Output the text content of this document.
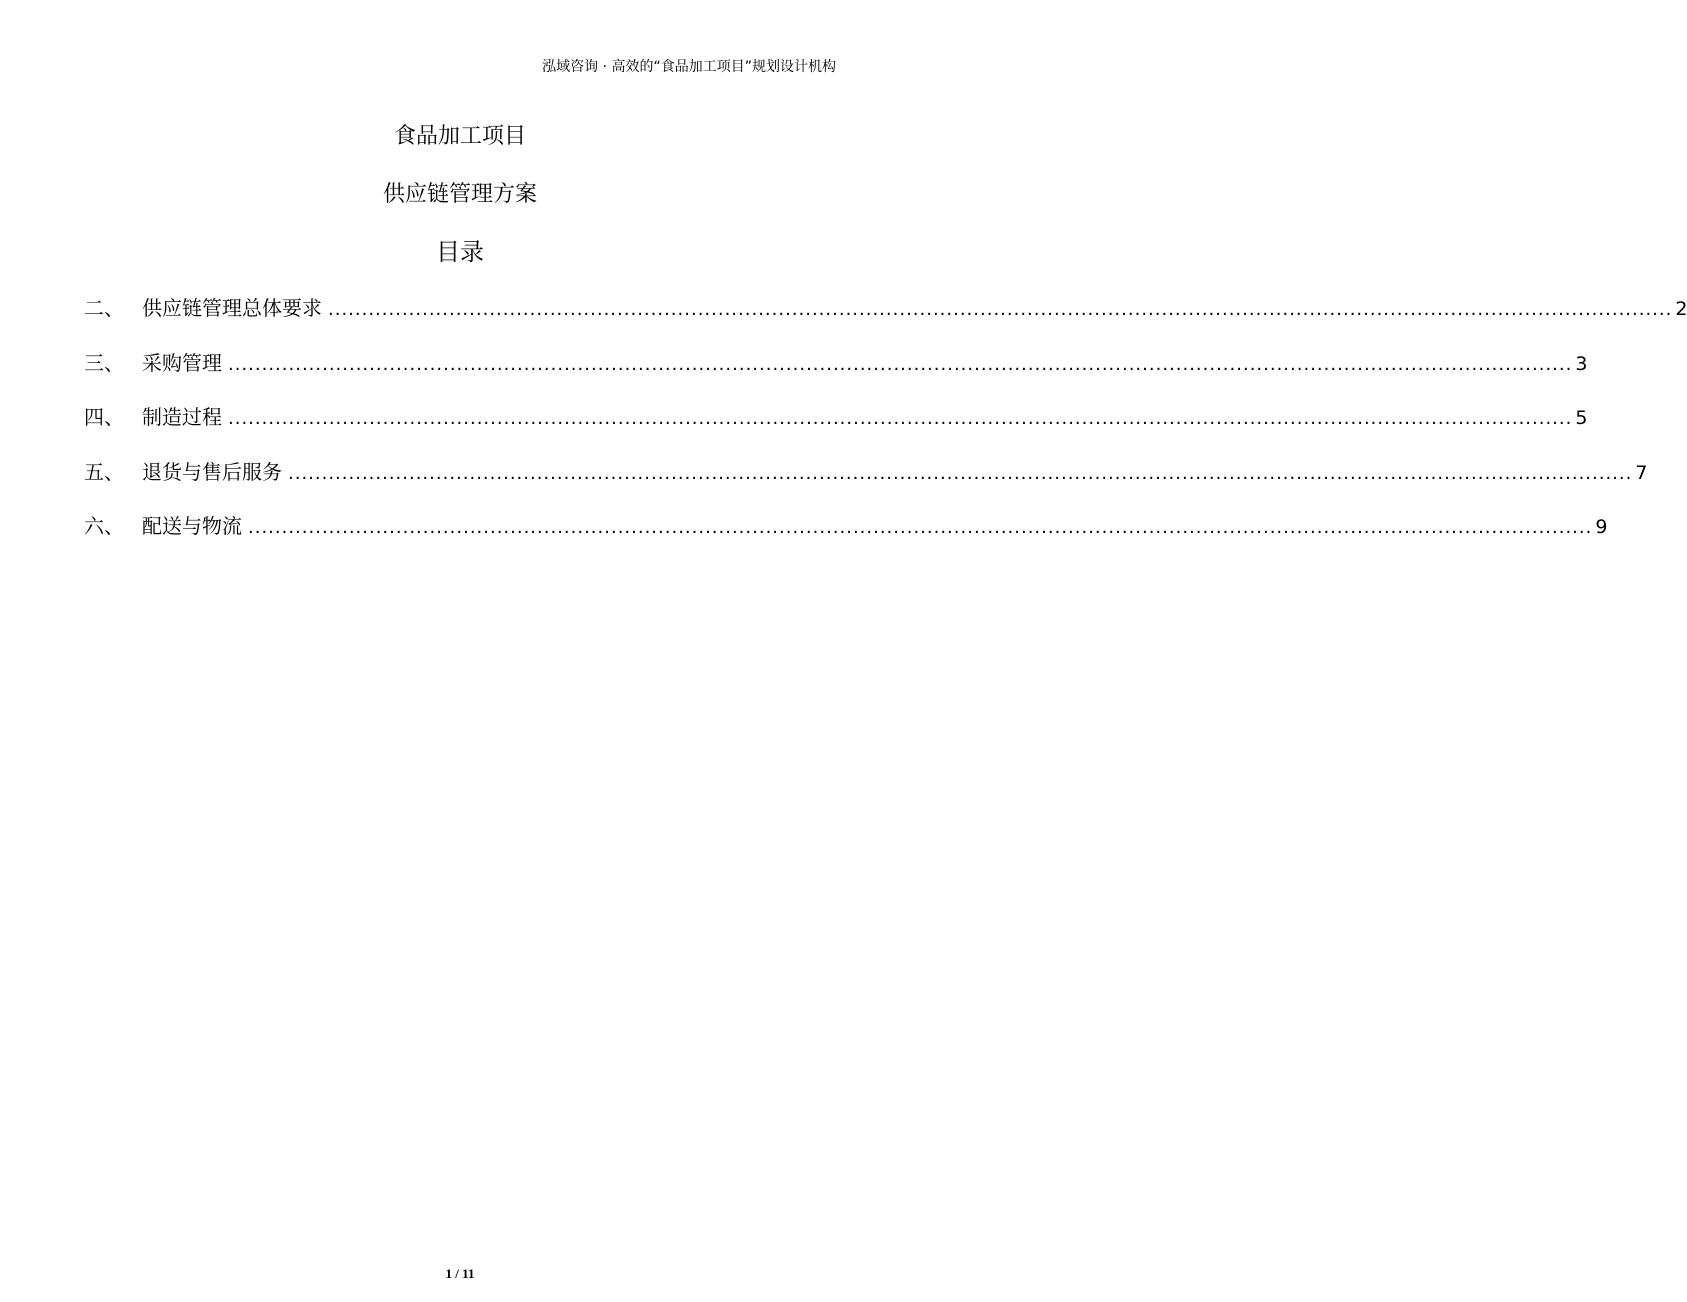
泓域咨询 · 高效的“食品加工项目”规划设计机构
食品加工项目
供应链管理方案
目录
二、 供应链管理总体要求 ........................................................................................................................................................................................................ 2
三、 采购管理 ........................................................................................................................................................................................................ 3
四、 制造过程 ........................................................................................................................................................................................................ 5
五、 退货与售后服务 ........................................................................................................................................................................................................ 7
六、 配送与物流 ........................................................................................................................................................................................................ 9
1 / 11
